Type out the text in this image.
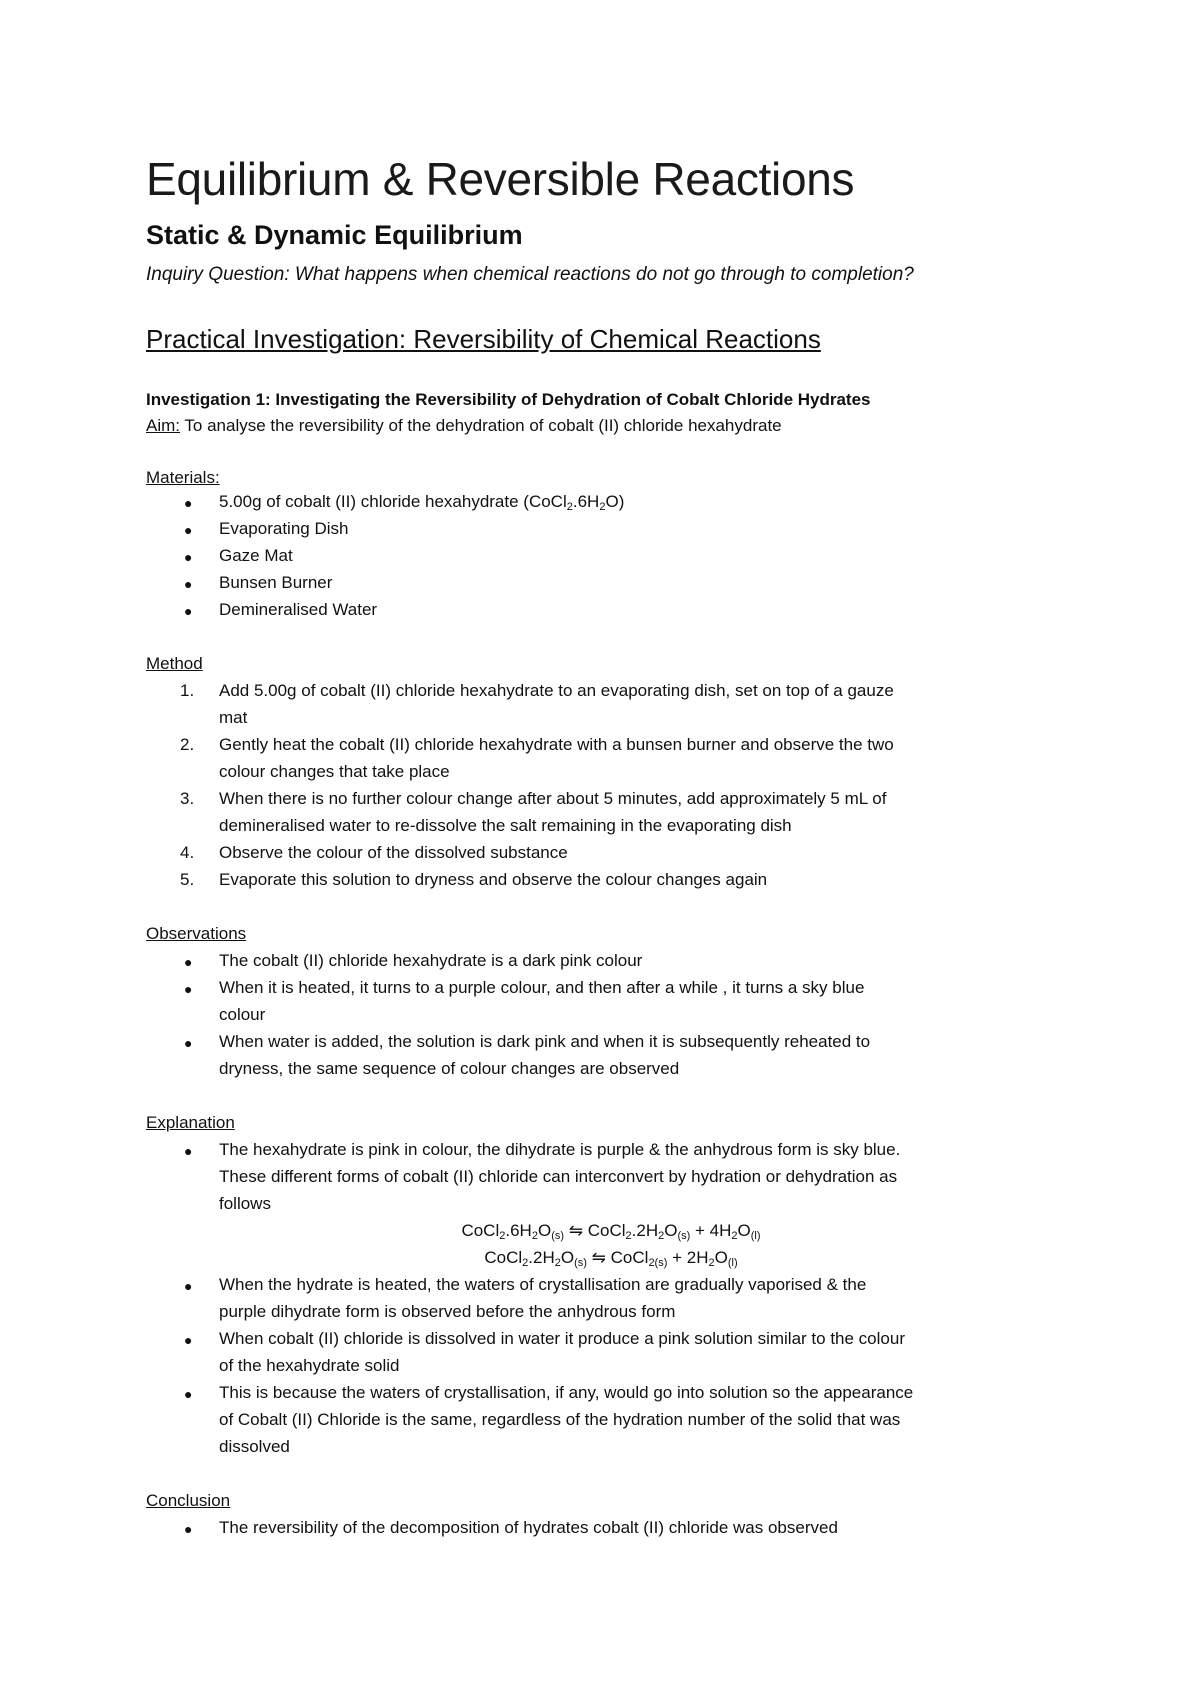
Equilibrium & Reversible Reactions
Static & Dynamic Equilibrium
Inquiry Question: What happens when chemical reactions do not go through to completion?
Practical Investigation: Reversibility of Chemical Reactions
Investigation 1: Investigating the Reversibility of Dehydration of Cobalt Chloride Hydrates
Aim: To analyse the reversibility of the dehydration of cobalt (II) chloride hexahydrate
Materials:
● 5.00g of cobalt (II) chloride hexahydrate $(CoCl_2.6H_2O)$
● Evaporating Dish
● Gaze Mat
● Bunsen Burner
● Demineralised Water
Method
1. Add 5.00g of cobalt (II) chloride hexahydrate to an evaporating dish, set on top of a gauze
mat
2. Gently heat the cobalt (II) chloride hexahydrate with a bunsen burner and observe the two
colour changes that take place
3. When there is no further colour change after about 5 minutes, add approximately 5 mL of
demineralised water to re-dissolve the salt remaining in the evaporating dish
4. Observe the colour of the dissolved substance
5. Evaporate this solution to dryness and observe the colour changes again
Observations
● The cobalt (II) chloride hexahydrate is a dark pink colour
● When it is heated, it turns to a purple colour, and then after a while , it turns a sky blue
colour
● When water is added, the solution is dark pink and when it is subsequently reheated to
dryness, the same sequence of colour changes are observed
Explanation
● The hexahydrate is pink in colour, the dihydrate is purple & the anhydrous form is sky blue.
These different forms of cobalt (II) chloride can interconvert by hydration or dehydration as
follows
$CoCl_2.6H_2O_{(s)}$ ⇋ $CoCl_2.2H_2O_{(s)} + 4H_2O_{(l)}$
$CoCl_2.2H_2O_{(s)}$ ⇋ CoCl$_{2(s)}$ + $2H_2O_{(l)}$
● When the hydrate is heated, the waters of crystallisation are gradually vaporised & the
purple dihydrate form is observed before the anhydrous form
● When cobalt (II) chloride is dissolved in water it produce a pink solution similar to the colour
of the hexahydrate solid
● This is because the waters of crystallisation, if any, would go into solution so the appearance
of Cobalt (II) Chloride is the same, regardless of the hydration number of the solid that was
dissolved
Conclusion
● The reversibility of the decomposition of hydrates cobalt (II) chloride was observed
